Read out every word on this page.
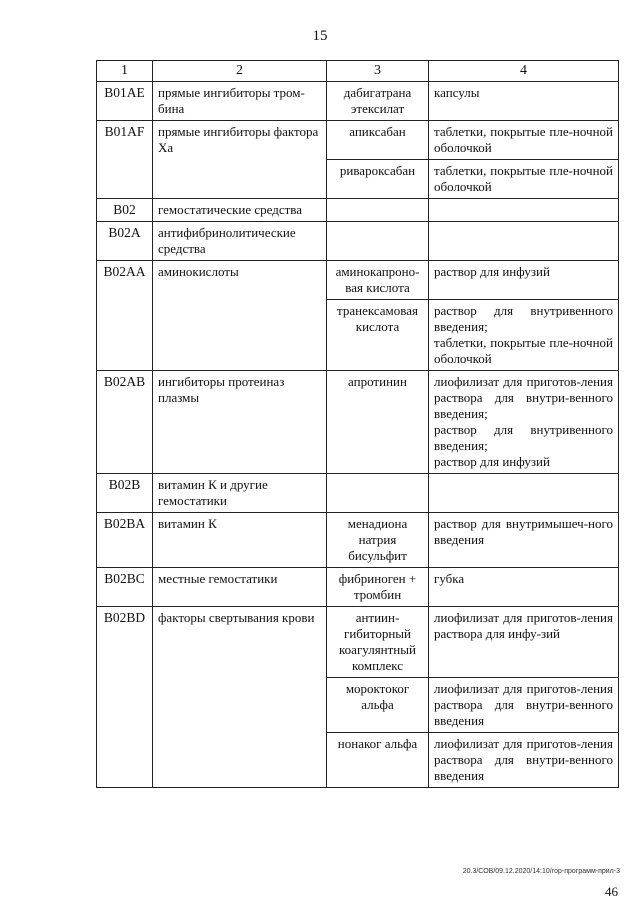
15
1	2	3	4
B01AE	прямые ингибиторы тром-бина	дабигатрана этексилат	капсулы

B01AF	прямые ингибиторы фактора Ха	апиксабан	таблетки, покрытые пле-ночной оболочкой

		ривароксабан	таблетки, покрытые пле-ночной оболочкой

B02	гемостатические средства		
B02A	антифибринолитические средства		
B02AA	аминокислоты	аминокапроно-вая кислота	раствор для инфузий

		транексамовая кислота	раствор для внутривенного введения;
таблетки, покрытые пле-ночной оболочкой

B02AB	ингибиторы протеиназ плазмы	апротинин	лиофилизат для приготов-ления раствора для внутри-венного введения;
раствор для внутривенного введения;
раствор для инфузий

B02B	витамин К и другие гемостатики		
B02BA	витамин К	менадиона натрия бисульфит	раствор для внутримышеч-ного введения

B02BC	местные гемостатики	фибриноген + тромбин	губка

B02BD	факторы свертывания крови	антиин-гибиторный коагулянтный комплекс	лиофилизат для приготов-ления раствора для инфу-зий

		мороктоког альфа	лиофилизат для приготов-ления раствора для внутри-венного введения

		нонаког альфа	лиофилизат для приготов-ления раствора для внутри-венного введения
20.3/СОВ/09.12.2020/14:10/гор-программ-прил-3
46
